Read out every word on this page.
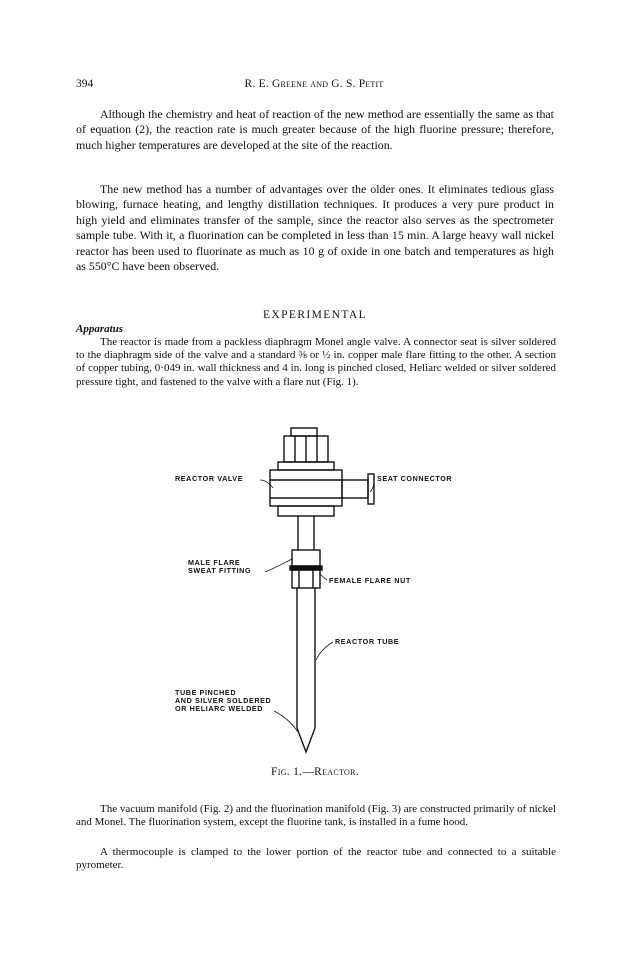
394	R. E. Greene and G. S. Petit

Although the chemistry and heat of reaction of the new method are essentially the same as that of equation (2), the reaction rate is much greater because of the high fluorine pressure; therefore, much higher temperatures are developed at the site of the reaction.

The new method has a number of advantages over the older ones. It eliminates tedious glass blowing, furnace heating, and lengthy distillation techniques. It produces a very pure product in high yield and eliminates transfer of the sample, since the reactor also serves as the spectrometer sample tube. With it, a fluorination can be completed in less than 15 min. A large heavy wall nickel reactor has been used to fluorinate as much as 10 g of oxide in one batch and temperatures as high as 550°C have been observed.

EXPERIMENTAL
Apparatus

The reactor is made from a packless diaphragm Monel angle valve. A connector seat is silver soldered to the diaphragm side of the valve and a standard ⅜ or ½ in. copper male flare fitting to the other. A section of copper tubing, 0·049 in. wall thickness and 4 in. long is pinched closed, Heliarc welded or silver soldered pressure tight, and fastened to the valve with a flare nut (Fig. 1).

REACTOR VALVE	SEAT CONNECTOR
MALE FLARE
SWEAT FITTING
FEMALE FLARE NUT
REACTOR TUBE
TUBE PINCHED
AND SILVER SOLDERED
OR HELIARC WELDED
Fig. 1.—Reactor.

The vacuum manifold (Fig. 2) and the fluorination manifold (Fig. 3) are constructed primarily of nickel and Monel. The fluorination system, except the fluorine tank, is installed in a fume hood.

A thermocouple is clamped to the lower portion of the reactor tube and connected to a suitable pyrometer.
